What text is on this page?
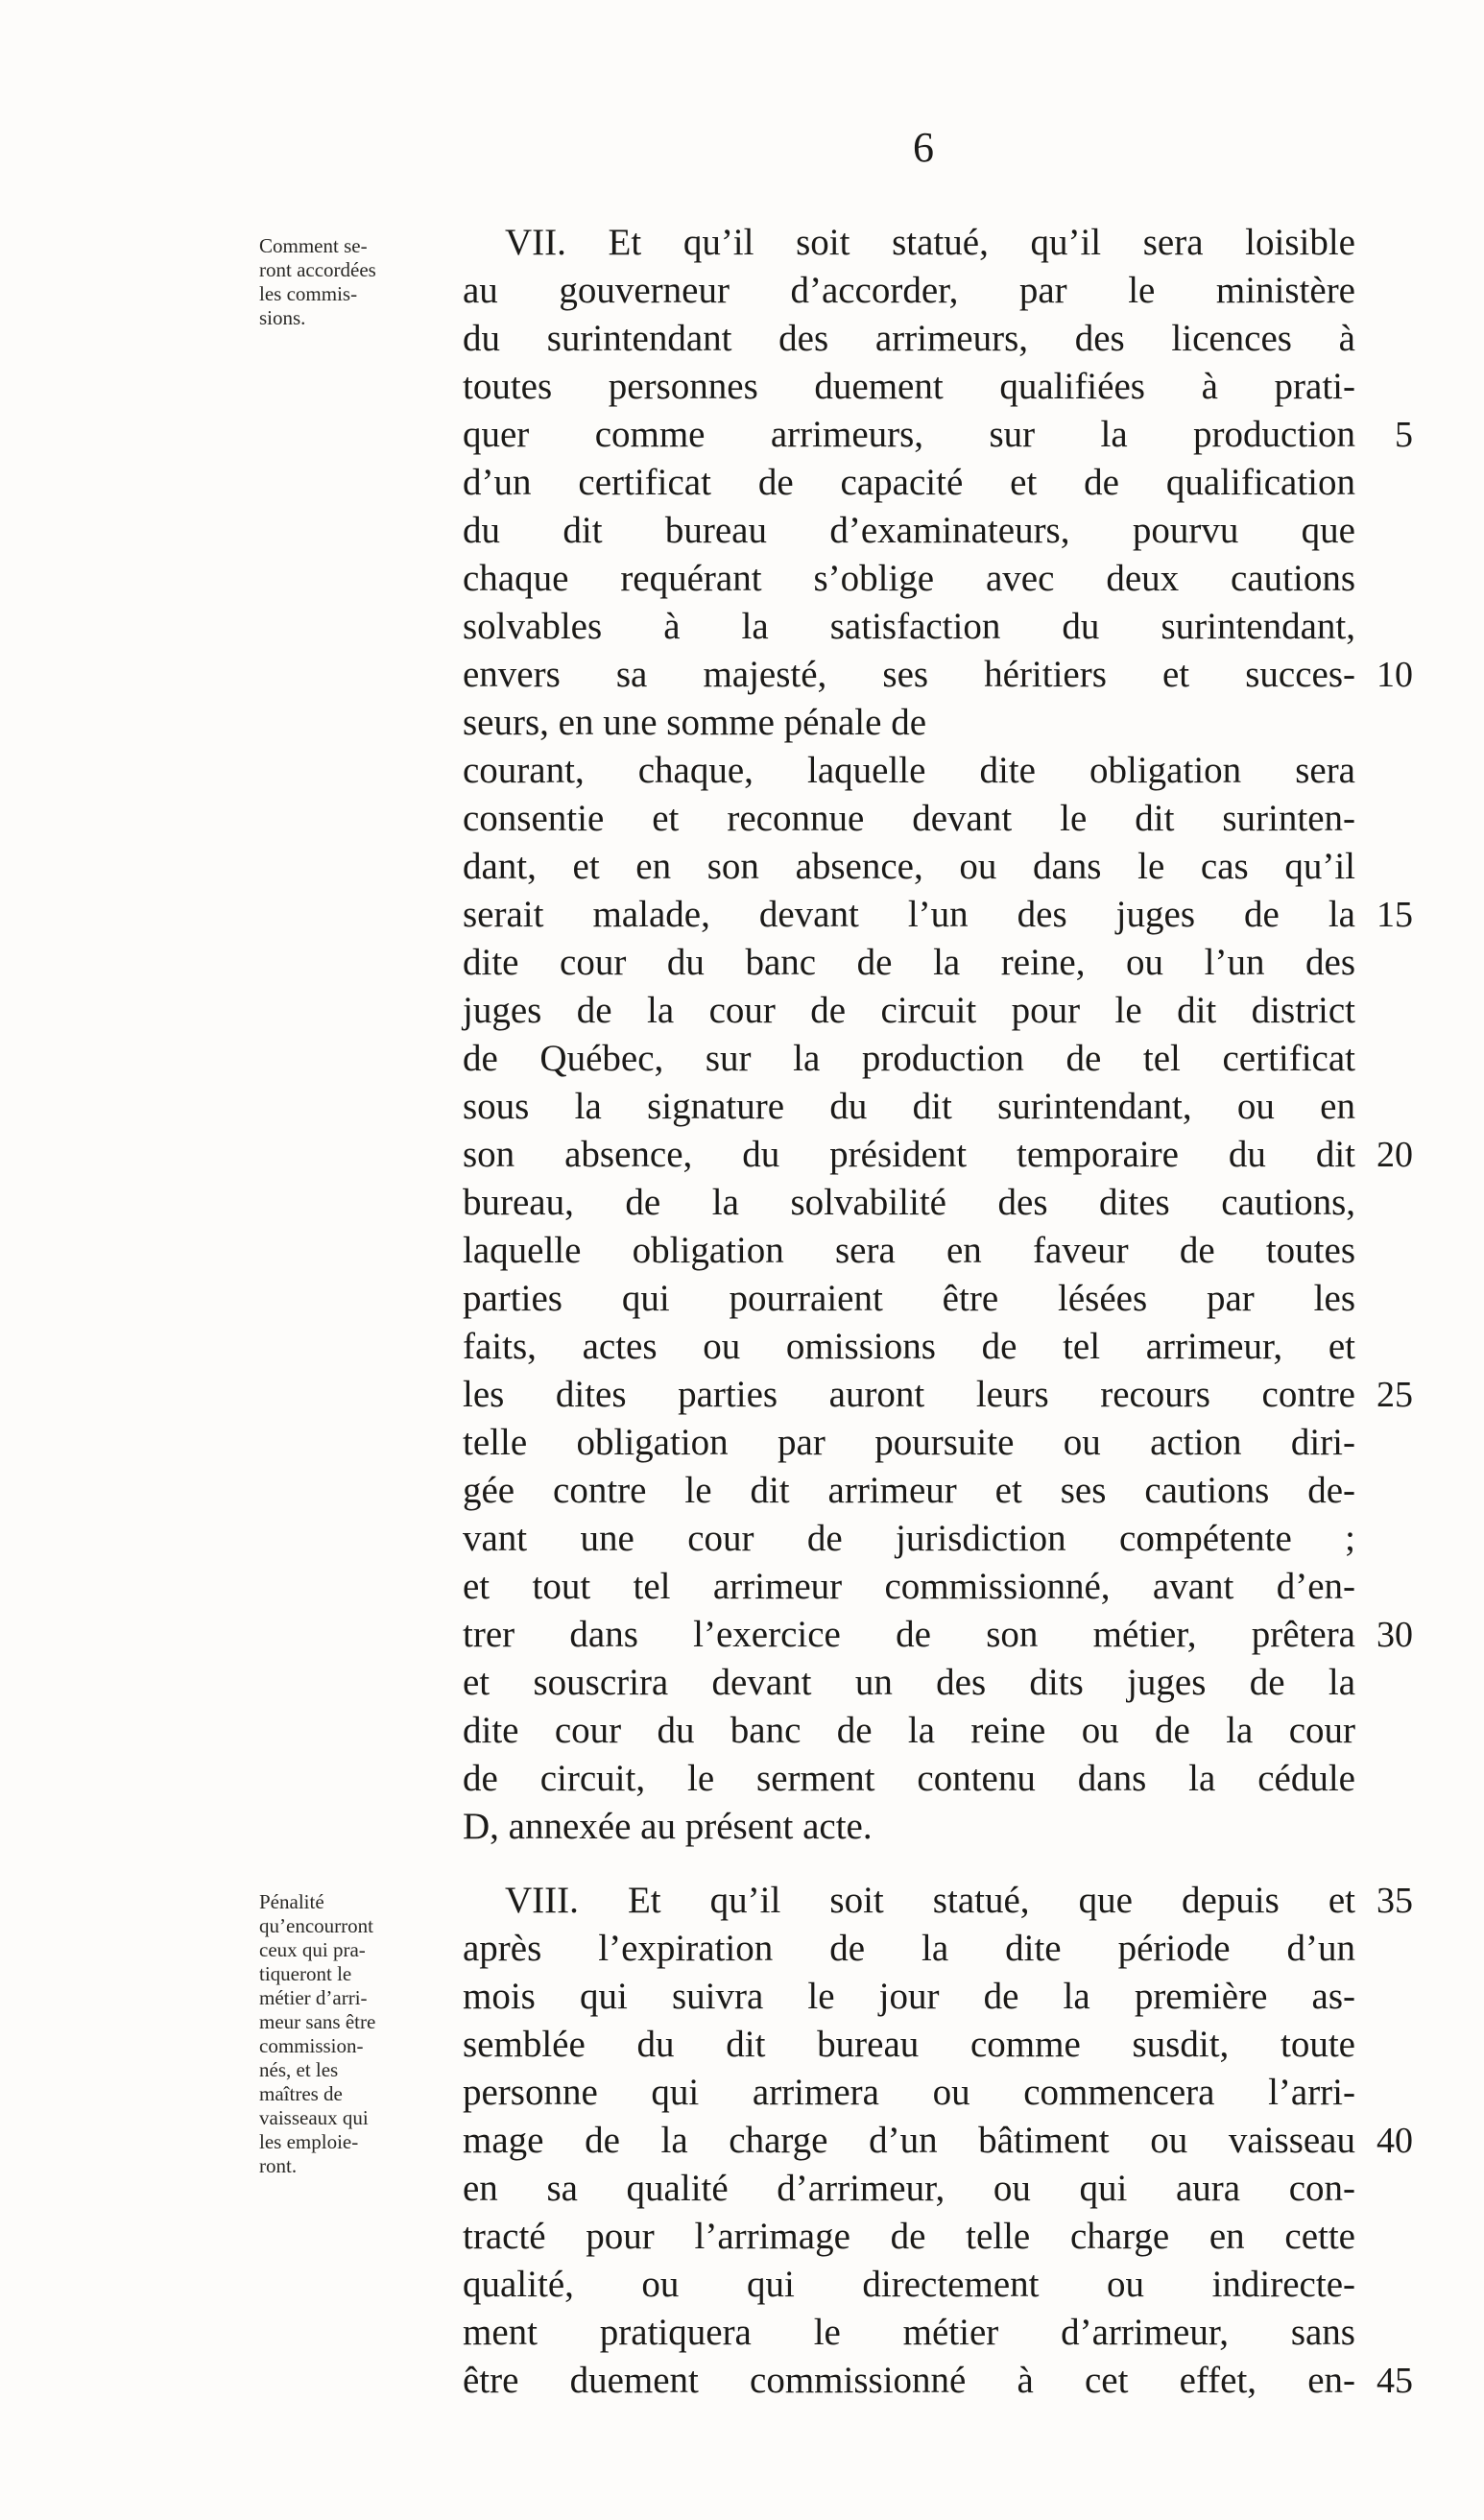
6
Comment se-
ront accordées
les commis-
sions.
VII. Et qu’il soit statué, qu’il sera loisible
au gouverneur d’accorder, par le ministère
du surintendant des arrimeurs, des licences à
toutes personnes duement qualifiées à prati-
quer comme arrimeurs, sur la production
d’un certificat de capacité et de qualification
du dit bureau d’examinateurs, pourvu que
chaque requérant s’oblige avec deux cautions
solvables à la satisfaction du surintendant,
envers sa majesté, ses héritiers et succes-
seurs, en une somme pénale de
courant, chaque, laquelle dite obligation sera
consentie et reconnue devant le dit surinten-
dant, et en son absence, ou dans le cas qu’il
serait malade, devant l’un des juges de la
dite cour du banc de la reine, ou l’un des
juges de la cour de circuit pour le dit district
de Québec, sur la production de tel certificat
sous la signature du dit surintendant, ou en
son absence, du président temporaire du dit
bureau, de la solvabilité des dites cautions,
laquelle obligation sera en faveur de toutes
parties qui pourraient être lésées par les
faits, actes ou omissions de tel arrimeur, et
les dites parties auront leurs recours contre
telle obligation par poursuite ou action diri-
gée contre le dit arrimeur et ses cautions de-
vant une cour de jurisdiction compétente ;
et tout tel arrimeur commissionné, avant d’en-
trer dans l’exercice de son métier, prêtera
et souscrira devant un des dits juges de la
dite cour du banc de la reine ou de la cour
de circuit, le serment contenu dans la cédule
D, annexée au présent acte.
5
10
15
20
25
30
Pénalité
qu’encourront
ceux qui pra-
tiqueront le
métier d’arri-
meur sans être
commission-
nés, et les
maîtres de
vaisseaux qui
les emploie-
ront.
VIII. Et qu’il soit statué, que depuis et
après l’expiration de la dite période d’un
mois qui suivra le jour de la première as-
semblée du dit bureau comme susdit, toute
personne qui arrimera ou commencera l’arri-
mage de la charge d’un bâtiment ou vaisseau
en sa qualité d’arrimeur, ou qui aura con-
tracté pour l’arrimage de telle charge en cette
qualité, ou qui directement ou indirecte-
ment pratiquera le métier d’arrimeur, sans
être duement commissionné à cet effet, en-
35
40
45
